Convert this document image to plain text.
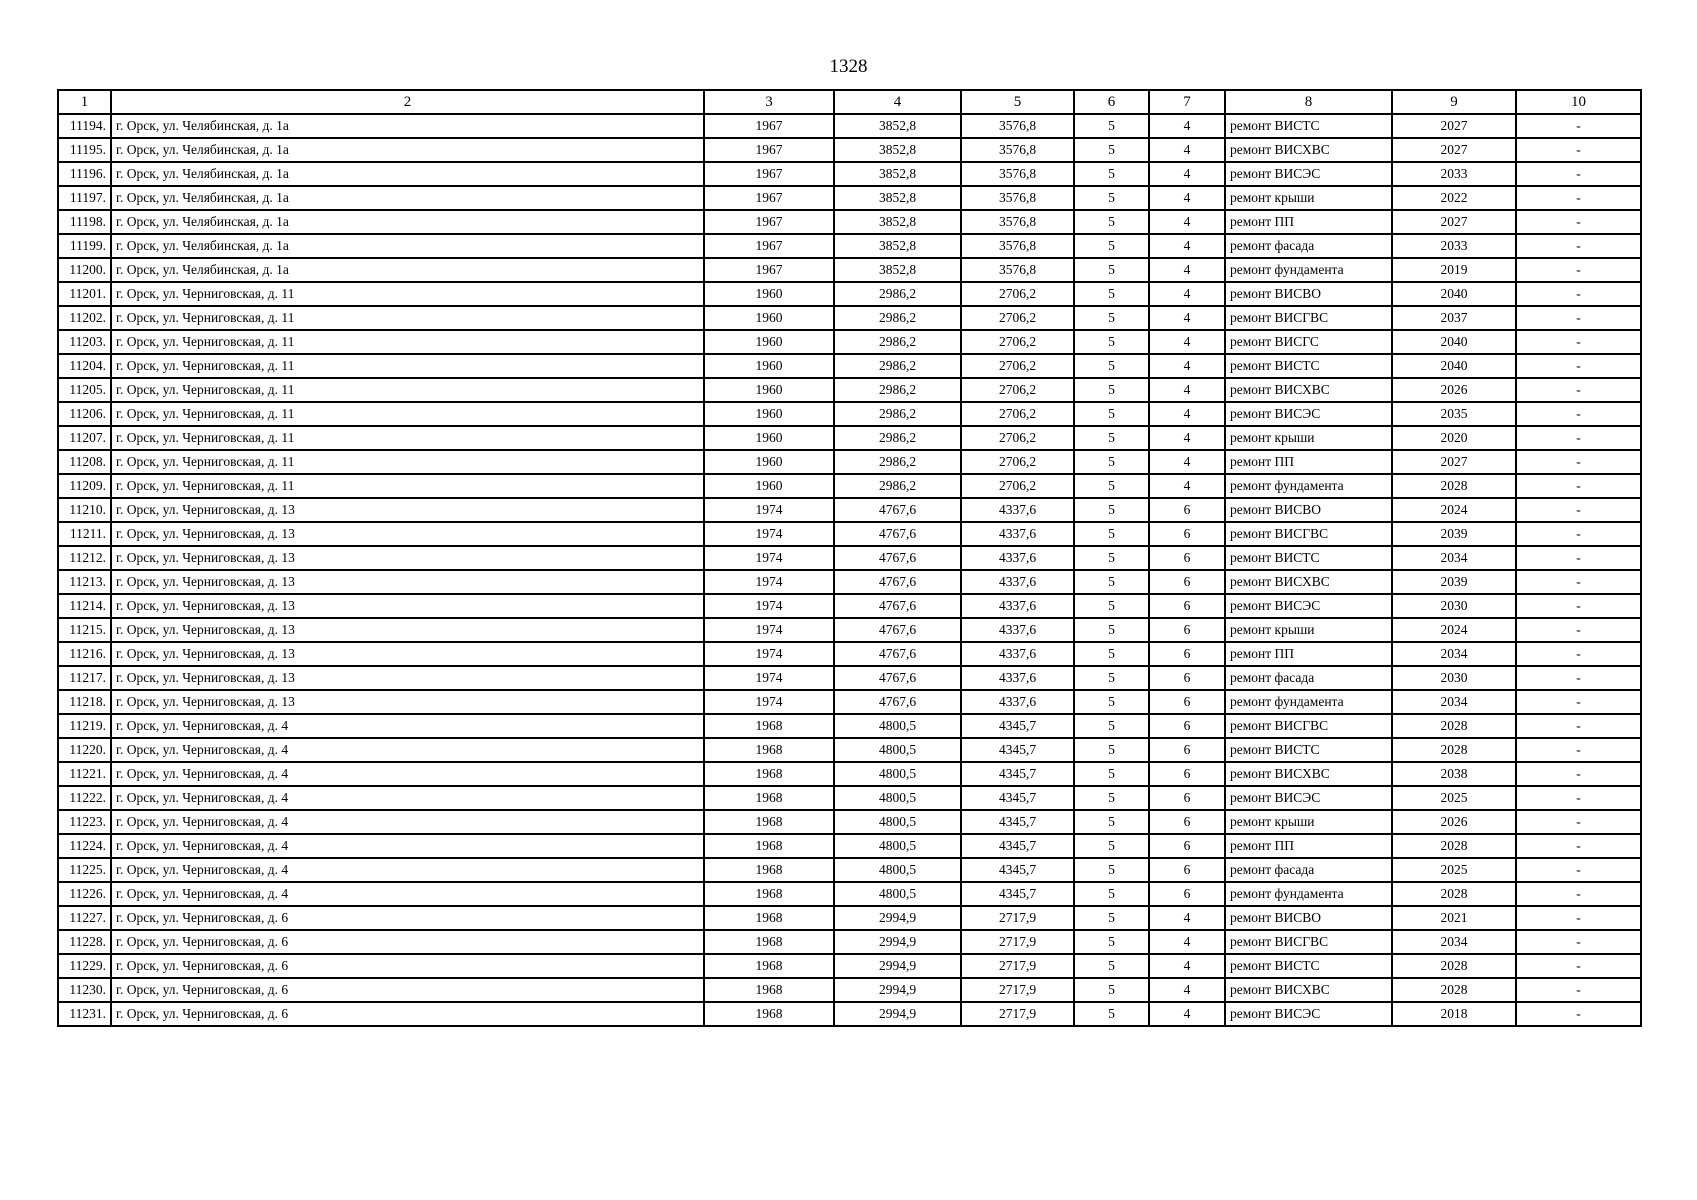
1328
1	2	3	4	5	6	7	8	9	10
11194.	г. Орск, ул. Челябинская, д. 1а	1967	3852,8	3576,8	5	4	ремонт ВИСТС	2027	-
11195.	г. Орск, ул. Челябинская, д. 1а	1967	3852,8	3576,8	5	4	ремонт ВИСХВС	2027	-
11196.	г. Орск, ул. Челябинская, д. 1а	1967	3852,8	3576,8	5	4	ремонт ВИСЭС	2033	-
11197.	г. Орск, ул. Челябинская, д. 1а	1967	3852,8	3576,8	5	4	ремонт крыши	2022	-
11198.	г. Орск, ул. Челябинская, д. 1а	1967	3852,8	3576,8	5	4	ремонт ПП	2027	-
11199.	г. Орск, ул. Челябинская, д. 1а	1967	3852,8	3576,8	5	4	ремонт фасада	2033	-
11200.	г. Орск, ул. Челябинская, д. 1а	1967	3852,8	3576,8	5	4	ремонт фундамента	2019	-
11201.	г. Орск, ул. Черниговская, д. 11	1960	2986,2	2706,2	5	4	ремонт ВИСВО	2040	-
11202.	г. Орск, ул. Черниговская, д. 11	1960	2986,2	2706,2	5	4	ремонт ВИСГВС	2037	-
11203.	г. Орск, ул. Черниговская, д. 11	1960	2986,2	2706,2	5	4	ремонт ВИСГС	2040	-
11204.	г. Орск, ул. Черниговская, д. 11	1960	2986,2	2706,2	5	4	ремонт ВИСТС	2040	-
11205.	г. Орск, ул. Черниговская, д. 11	1960	2986,2	2706,2	5	4	ремонт ВИСХВС	2026	-
11206.	г. Орск, ул. Черниговская, д. 11	1960	2986,2	2706,2	5	4	ремонт ВИСЭС	2035	-
11207.	г. Орск, ул. Черниговская, д. 11	1960	2986,2	2706,2	5	4	ремонт крыши	2020	-
11208.	г. Орск, ул. Черниговская, д. 11	1960	2986,2	2706,2	5	4	ремонт ПП	2027	-
11209.	г. Орск, ул. Черниговская, д. 11	1960	2986,2	2706,2	5	4	ремонт фундамента	2028	-
11210.	г. Орск, ул. Черниговская, д. 13	1974	4767,6	4337,6	5	6	ремонт ВИСВО	2024	-
11211.	г. Орск, ул. Черниговская, д. 13	1974	4767,6	4337,6	5	6	ремонт ВИСГВС	2039	-
11212.	г. Орск, ул. Черниговская, д. 13	1974	4767,6	4337,6	5	6	ремонт ВИСТС	2034	-
11213.	г. Орск, ул. Черниговская, д. 13	1974	4767,6	4337,6	5	6	ремонт ВИСХВС	2039	-
11214.	г. Орск, ул. Черниговская, д. 13	1974	4767,6	4337,6	5	6	ремонт ВИСЭС	2030	-
11215.	г. Орск, ул. Черниговская, д. 13	1974	4767,6	4337,6	5	6	ремонт крыши	2024	-
11216.	г. Орск, ул. Черниговская, д. 13	1974	4767,6	4337,6	5	6	ремонт ПП	2034	-
11217.	г. Орск, ул. Черниговская, д. 13	1974	4767,6	4337,6	5	6	ремонт фасада	2030	-
11218.	г. Орск, ул. Черниговская, д. 13	1974	4767,6	4337,6	5	6	ремонт фундамента	2034	-
11219.	г. Орск, ул. Черниговская, д. 4	1968	4800,5	4345,7	5	6	ремонт ВИСГВС	2028	-
11220.	г. Орск, ул. Черниговская, д. 4	1968	4800,5	4345,7	5	6	ремонт ВИСТС	2028	-
11221.	г. Орск, ул. Черниговская, д. 4	1968	4800,5	4345,7	5	6	ремонт ВИСХВС	2038	-
11222.	г. Орск, ул. Черниговская, д. 4	1968	4800,5	4345,7	5	6	ремонт ВИСЭС	2025	-
11223.	г. Орск, ул. Черниговская, д. 4	1968	4800,5	4345,7	5	6	ремонт крыши	2026	-
11224.	г. Орск, ул. Черниговская, д. 4	1968	4800,5	4345,7	5	6	ремонт ПП	2028	-
11225.	г. Орск, ул. Черниговская, д. 4	1968	4800,5	4345,7	5	6	ремонт фасада	2025	-
11226.	г. Орск, ул. Черниговская, д. 4	1968	4800,5	4345,7	5	6	ремонт фундамента	2028	-
11227.	г. Орск, ул. Черниговская, д. 6	1968	2994,9	2717,9	5	4	ремонт ВИСВО	2021	-
11228.	г. Орск, ул. Черниговская, д. 6	1968	2994,9	2717,9	5	4	ремонт ВИСГВС	2034	-
11229.	г. Орск, ул. Черниговская, д. 6	1968	2994,9	2717,9	5	4	ремонт ВИСТС	2028	-
11230.	г. Орск, ул. Черниговская, д. 6	1968	2994,9	2717,9	5	4	ремонт ВИСХВС	2028	-
11231.	г. Орск, ул. Черниговская, д. 6	1968	2994,9	2717,9	5	4	ремонт ВИСЭС	2018	-
